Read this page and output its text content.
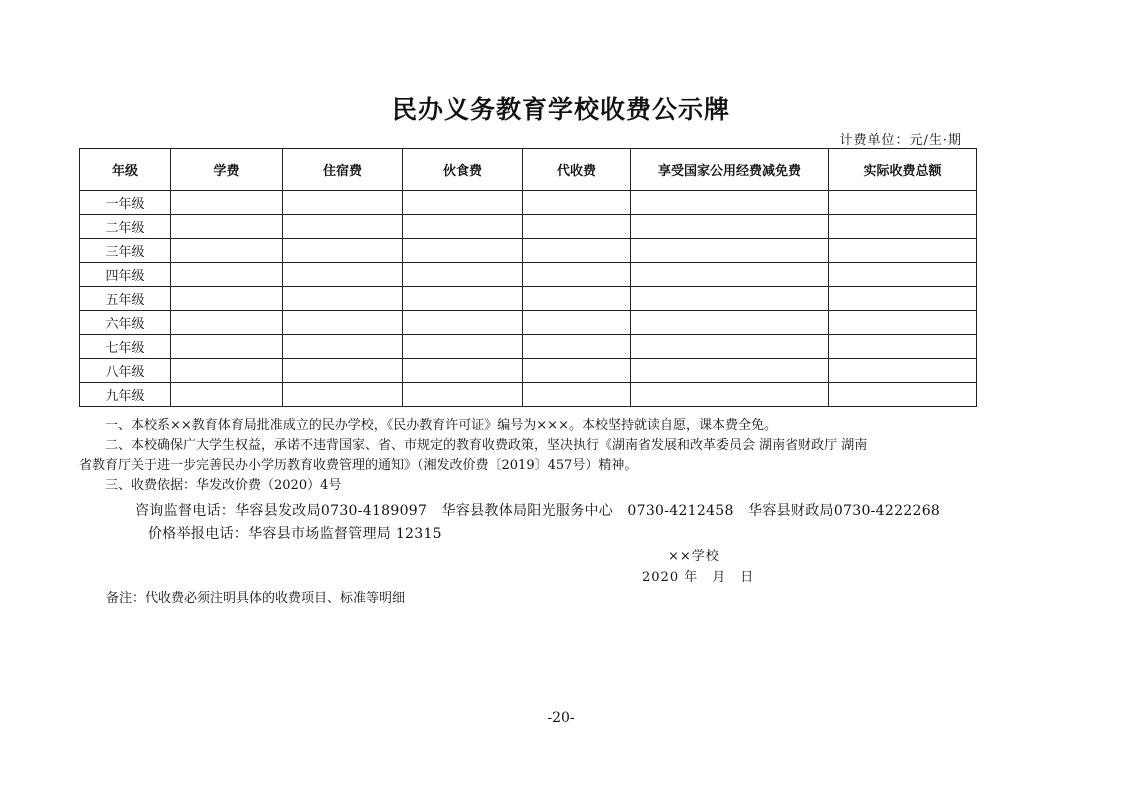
民办义务教育学校收费公示牌
计费单位：元/生·期
年级	学费	住宿费	伙食费	代收费	享受国家公用经费减免费	实际收费总额
一年级						
二年级						
三年级						
四年级						
五年级						
六年级						
七年级						
八年级						
九年级						

一、本校系××教育体育局批准成立的民办学校，《民办教育许可证》编号为×××。本校坚持就读自愿，课本费全免。

二、本校确保广大学生权益，承诺不违背国家、省、市规定的教育收费政策，坚决执行《湖南省发展和改革委员会 湖南省财政厅 湖南

省教育厅关于进一步完善民办小学历教育收费管理的通知》（湘发改价费〔2019〕457号）精神。

三、收费依据：华发改价费（2020）4号

咨询监督电话：华容县发改局0730-4189097　华容县教体局阳光服务中心　0730-4212458　华容县财政局0730-4222268
价格举报电话：华容县市场监督管理局 12315
××学校
2020 年　月　日
备注：代收费必须注明具体的收费项目、标准等明细
-20-
